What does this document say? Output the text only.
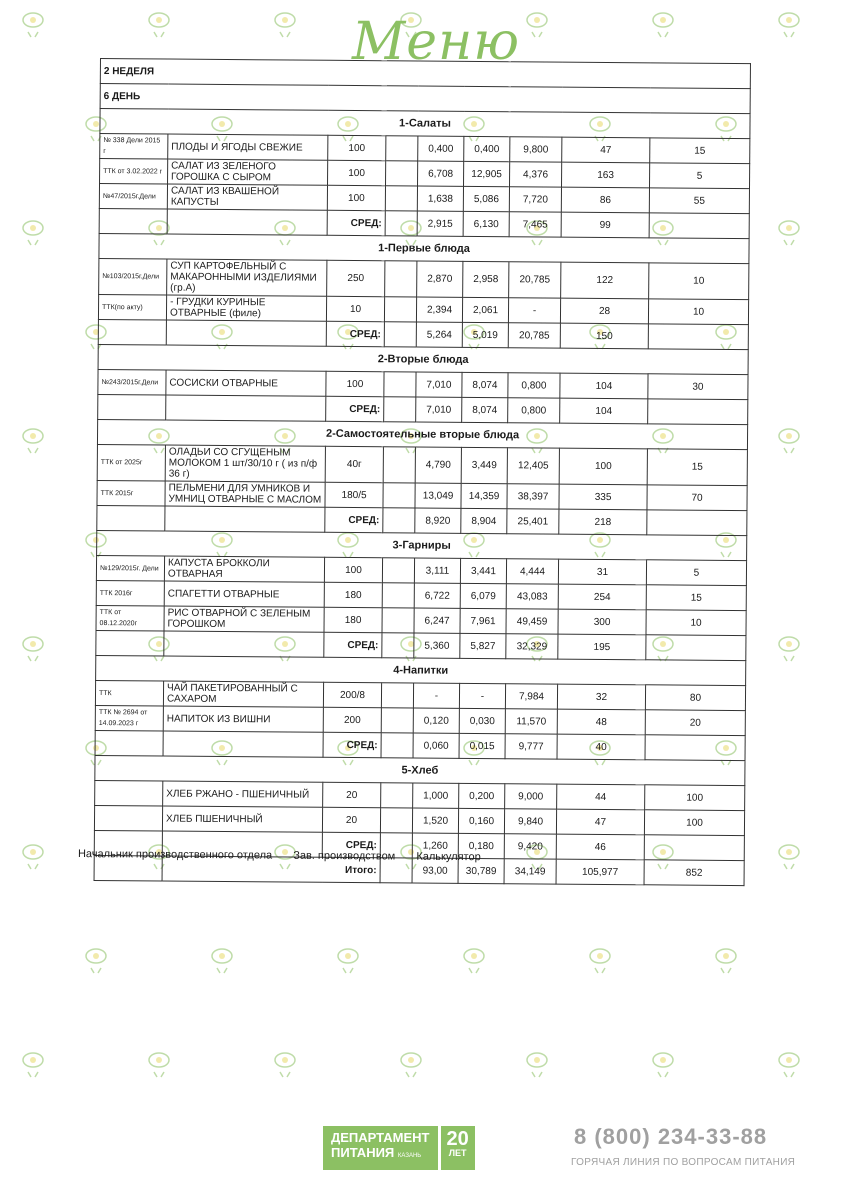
Меню
2 НЕДЕЛЯ								
6 ДЕНЬ								
1-Салаты								
№ 338 Дели 2015 г	ПЛОДЫ И ЯГОДЫ СВЕЖИЕ	100		0,400	0,400	9,800	47	15
ТТК от 3.02.2022 г	САЛАТ ИЗ ЗЕЛЕНОГО ГОРОШКА С СЫРОМ	100		6,708	12,905	4,376	163	5
№47/2015г.Дели	САЛАТ ИЗ КВАШЕНОЙ КАПУСТЫ	100		1,638	5,086	7,720	86	55
		СРЕД:		2,915	6,130	7,465	99	
1-Первые блюда								
№103/2015г.Дели	СУП КАРТОФЕЛЬНЫЙ С МАКАРОННЫМИ ИЗДЕЛИЯМИ (гр.А)	250		2,870	2,958	20,785	122	10
ТТК(по акту)	- ГРУДКИ КУРИНЫЕ ОТВАРНЫЕ (филе)	10		2,394	2,061	-	28	10
		СРЕД:		5,264	5,019	20,785	150	
2-Вторые блюда								
№243/2015г.Дели	СОСИСКИ ОТВАРНЫЕ	100		7,010	8,074	0,800	104	30
		СРЕД:		7,010	8,074	0,800	104	
2-Самостоятельные вторые блюда								
ТТК от 2025г	ОЛАДЬИ СО СГУЩЕНЫМ МОЛОКОМ 1 шт/30/10 г ( из п/ф 36 г)	40г		4,790	3,449	12,405	100	15
ТТК 2015г	ПЕЛЬМЕНИ ДЛЯ УМНИКОВ И УМНИЦ ОТВАРНЫЕ С МАСЛОМ	180/5		13,049	14,359	38,397	335	70
		СРЕД:		8,920	8,904	25,401	218	
3-Гарниры								
№129/2015г. Дели	КАПУСТА БРОККОЛИ ОТВАРНАЯ	100		3,111	3,441	4,444	31	5
ТТК 2016г	СПАГЕТТИ ОТВАРНЫЕ	180		6,722	6,079	43,083	254	15
ТТК от 08.12.2020г	РИС ОТВАРНОЙ С ЗЕЛЕНЫМ ГОРОШКОМ	180		6,247	7,961	49,459	300	10
		СРЕД:		5,360	5,827	32,329	195	
4-Напитки								
ТТК	ЧАЙ ПАКЕТИРОВАННЫЙ С САХАРОМ	200/8		-	-	7,984	32	80
ТТК № 2694 от 14.09.2023 г	НАПИТОК ИЗ ВИШНИ	200		0,120	0,030	11,570	48	20
		СРЕД:		0,060	0,015	9,777	40	
5-Хлеб								
	ХЛЕБ РЖАНО - ПШЕНИЧНЫЙ	20		1,000	0,200	9,000	44	100
	ХЛЕБ ПШЕНИЧНЫЙ	20		1,520	0,160	9,840	47	100
		СРЕД:		1,260	0,180	9,420	46	
	Итого:			93,00	30,789	34,149	105,977	852
Начальник производственного отдела Зав. производством Калькулятор
ДЕПАРТАМЕНТ
ПИТАНИЯ КАЗАНЬ
20
ЛЕТ
8 (800) 234-33-88
ГОРЯЧАЯ ЛИНИЯ ПО ВОПРОСАМ ПИТАНИЯ
